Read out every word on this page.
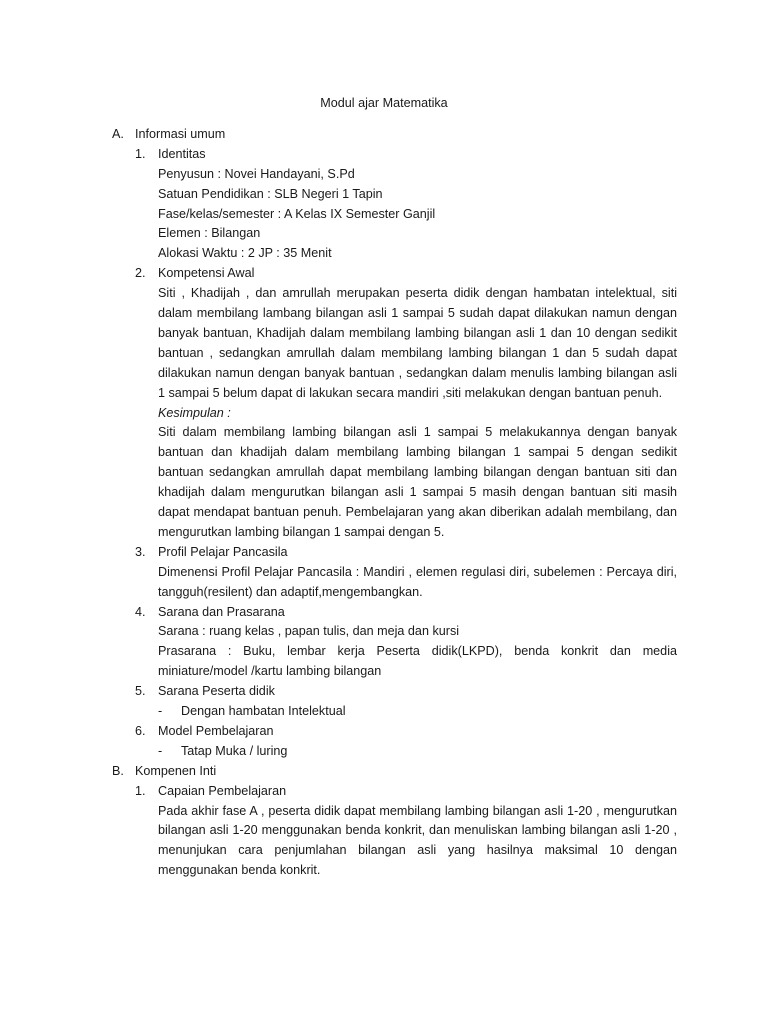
Modul ajar Matematika
A. Informasi umum
1. Identitas
Penyusun : Novei Handayani, S.Pd
Satuan Pendidikan : SLB Negeri 1 Tapin
Fase/kelas/semester : A Kelas IX Semester Ganjil
Elemen : Bilangan
Alokasi Waktu : 2 JP : 35 Menit
2. Kompetensi Awal
Siti , Khadijah , dan amrullah merupakan peserta didik dengan hambatan intelektual, siti
dalam membilang lambang bilangan asli 1 sampai 5 sudah dapat dilakukan namun dengan
banyak bantuan, Khadijah dalam membilang lambing bilangan asli 1 dan 10 dengan sedikit
bantuan , sedangkan amrullah dalam membilang lambing bilangan 1 dan 5 sudah dapat
dilakukan namun dengan banyak bantuan , sedangkan dalam menulis lambing bilangan asli
1 sampai 5 belum dapat di lakukan secara mandiri ,siti melakukan dengan bantuan penuh.
Kesimpulan :
Siti dalam membilang lambing bilangan asli 1 sampai 5 melakukannya dengan banyak
bantuan dan khadijah dalam membilang lambing bilangan 1 sampai 5 dengan sedikit
bantuan sedangkan amrullah dapat membilang lambing bilangan dengan bantuan siti dan
khadijah dalam mengurutkan bilangan asli 1 sampai 5 masih dengan bantuan siti masih
dapat mendapat bantuan penuh. Pembelajaran yang akan diberikan adalah membilang, dan
mengurutkan lambing bilangan 1 sampai dengan 5.
3. Profil Pelajar Pancasila
Dimenensi Profil Pelajar Pancasila : Mandiri , elemen regulasi diri, subelemen : Percaya diri,
tangguh(resilent) dan adaptif,mengembangkan.
4. Sarana dan Prasarana
Sarana : ruang kelas , papan tulis, dan meja dan kursi
Prasarana : Buku, lembar kerja Peserta didik(LKPD), benda konkrit dan media
miniature/model /kartu lambing bilangan
5. Sarana Peserta didik
- Dengan hambatan Intelektual
6. Model Pembelajaran
- Tatap Muka / luring
B. Kompenen Inti
1. Capaian Pembelajaran
Pada akhir fase A , peserta didik dapat membilang lambing bilangan asli 1-20 , mengurutkan
bilangan asli 1-20 menggunakan benda konkrit, dan menuliskan lambing bilangan asli 1-20 ,
menunjukan cara penjumlahan bilangan asli yang hasilnya maksimal 10 dengan
menggunakan benda konkrit.
